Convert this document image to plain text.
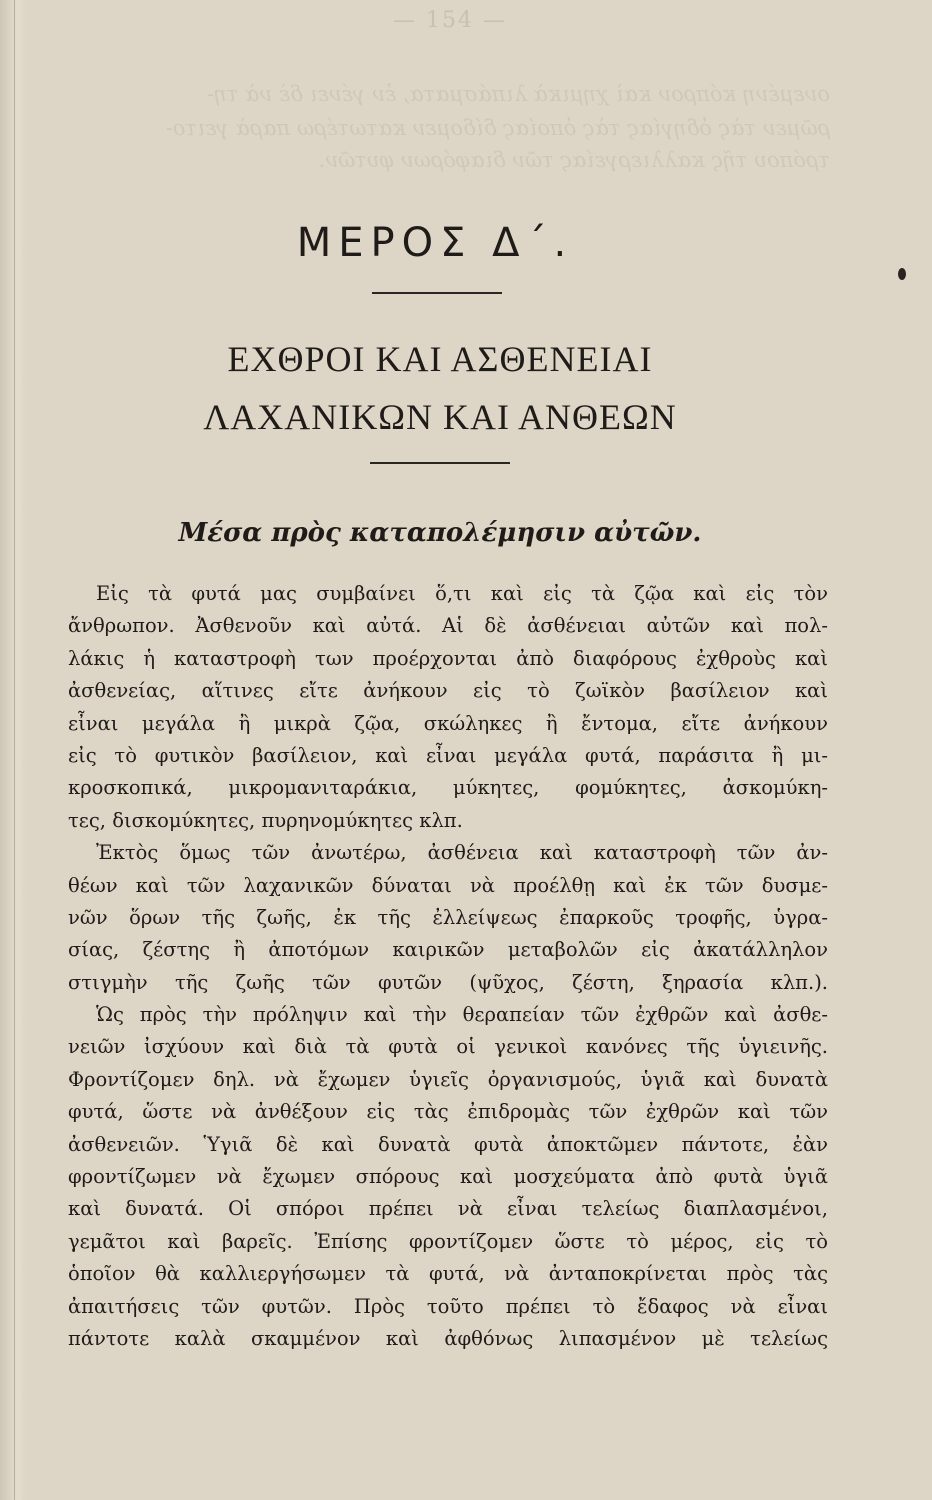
— 154 —
ονεμένη κόπρον καὶ χημικὰ λιπάσματα, ἐν γένει δὲ νὰ τη-
ρῶμεν τὰς ὁδηγίας τὰς ὁποίας δίδομεν κατωτέρω παρὰ γειτο-
τρόπου τῆς καλλιεργείας τῶν διαφόρων φυτῶν.
ΜΕΡΟΣ Δ΄.
ΕΧΘΡΟΙ ΚΑΙ ΑΣΘΕΝΕΙΑΙ
ΛΑΧΑΝΙΚΩΝ ΚΑΙ ΑΝΘΕΩΝ
Μέσα πρὸς καταπολέμησιν αὐτῶν.
Εἰς τὰ φυτά μας συμβαίνει ὅ,τι καὶ εἰς τὰ ζῷα καὶ εἰς τὸν
ἄνθρωπον. Ἀσθενοῦν καὶ αὐτά. Αἱ δὲ ἀσθένειαι αὐτῶν καὶ πολ-
λάκις ἡ καταστροφὴ των προέρχονται ἀπὸ διαφόρους ἐχθροὺς καὶ
ἀσθενείας, αἵτινες εἴτε ἀνήκουν εἰς τὸ ζωϊκὸν βασίλειον καὶ
εἶναι μεγάλα ἢ μικρὰ ζῷα, σκώληκες ἢ ἔντομα, εἴτε ἀνήκουν
εἰς τὸ φυτικὸν βασίλειον, καὶ εἶναι μεγάλα φυτά, παράσιτα ἢ μι-
κροσκοπικά, μικρομανιταράκια, μύκητες, φομύκητες, ἀσκομύκη-
τες, δισκομύκητες, πυρηνομύκητες κλπ.
Ἐκτὸς ὅμως τῶν ἀνωτέρω, ἀσθένεια καὶ καταστροφὴ τῶν ἀν-
θέων καὶ τῶν λαχανικῶν δύναται νὰ προέλθῃ καὶ ἐκ τῶν δυσμε-
νῶν ὅρων τῆς ζωῆς, ἐκ τῆς ἐλλείψεως ἐπαρκοῦς τροφῆς, ὑγρα-
σίας, ζέστης ἢ ἀποτόμων καιρικῶν μεταβολῶν εἰς ἀκατάλληλον
στιγμὴν τῆς ζωῆς τῶν φυτῶν (ψῦχος, ζέστη, ξηρασία κλπ.).
Ὡς πρὸς τὴν πρόληψιν καὶ τὴν θεραπείαν τῶν ἐχθρῶν καὶ ἀσθε-
νειῶν ἰσχύουν καὶ διὰ τὰ φυτὰ οἱ γενικοὶ κανόνες τῆς ὑγιεινῆς.
Φροντίζομεν δηλ. νὰ ἔχωμεν ὑγιεῖς ὀργανισμούς, ὑγιᾶ καὶ δυνατὰ
φυτά, ὥστε νὰ ἀνθέξουν εἰς τὰς ἐπιδρομὰς τῶν ἐχθρῶν καὶ τῶν
ἀσθενειῶν. Ὑγιᾶ δὲ καὶ δυνατὰ φυτὰ ἀποκτῶμεν πάντοτε, ἐὰν
φροντίζωμεν νὰ ἔχωμεν σπόρους καὶ μοσχεύματα ἀπὸ φυτὰ ὑγιᾶ
καὶ δυνατά. Οἱ σπόροι πρέπει νὰ εἶναι τελείως διαπλασμένοι,
γεμᾶτοι καὶ βαρεῖς. Ἐπίσης φροντίζομεν ὥστε τὸ μέρος, εἰς τὸ
ὁποῖον θὰ καλλιεργήσωμεν τὰ φυτά, νὰ ἀνταποκρίνεται πρὸς τὰς
ἀπαιτήσεις τῶν φυτῶν. Πρὸς τοῦτο πρέπει τὸ ἔδαφος νὰ εἶναι
πάντοτε καλὰ σκαμμένον καὶ ἀφθόνως λιπασμένον μὲ τελείως
